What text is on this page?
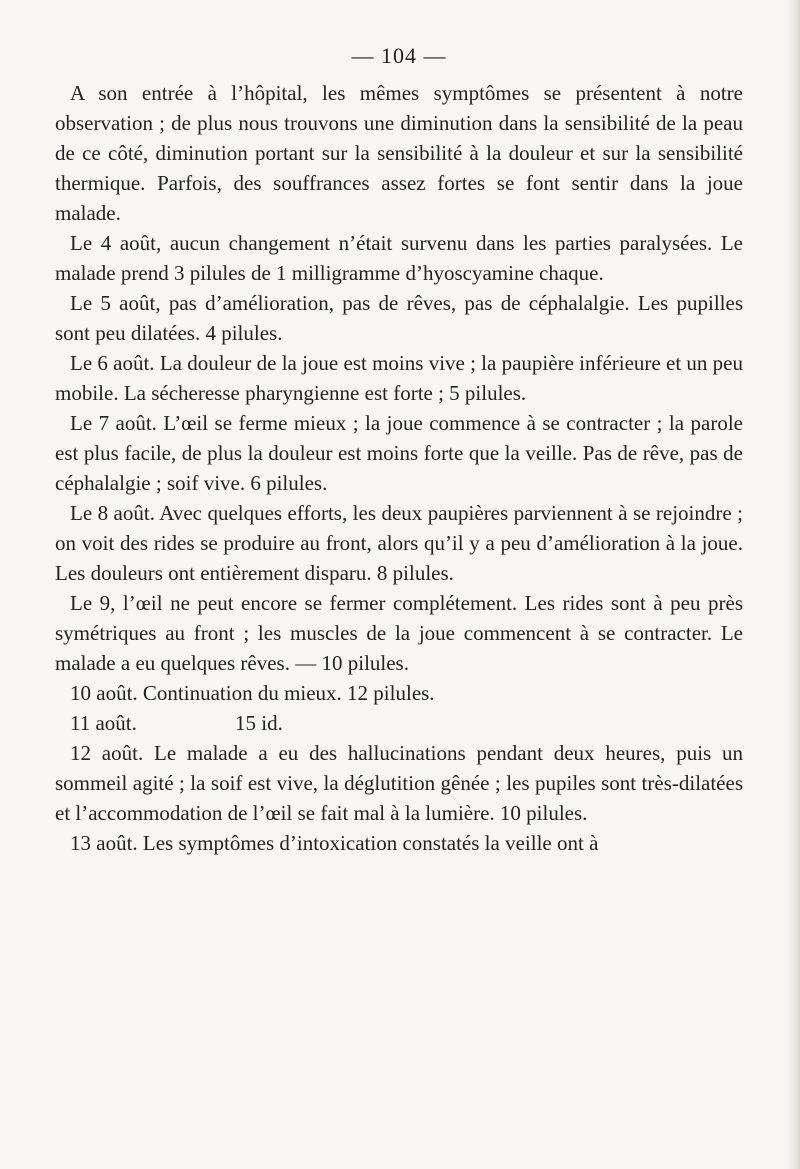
— 104 —

A son entrée à l’hôpital, les mêmes symptômes se présentent à notre observation ; de plus nous trouvons une diminution dans la sensibilité de la peau de ce côté, diminution portant sur la sensibilité à la douleur et sur la sensibilité thermique. Parfois, des souffrances assez fortes se font sentir dans la joue malade.

Le 4 août, aucun changement n’était survenu dans les parties paralysées. Le malade prend 3 pilules de 1 milligramme d’hyoscyamine chaque.

Le 5 août, pas d’amélioration, pas de rêves, pas de céphalalgie. Les pupilles sont peu dilatées. 4 pilules.

Le 6 août. La douleur de la joue est moins vive ; la paupière inférieure et un peu mobile. La sécheresse pharyngienne est forte ; 5 pilules.

Le 7 août. L’œil se ferme mieux ; la joue commence à se contracter ; la parole est plus facile, de plus la douleur est moins forte que la veille. Pas de rêve, pas de céphalalgie ; soif vive. 6 pilules.

Le 8 août. Avec quelques efforts, les deux paupières parviennent à se rejoindre ; on voit des rides se produire au front, alors qu’il y a peu d’amélioration à la joue. Les douleurs ont entièrement disparu. 8 pilules.

Le 9, l’œil ne peut encore se fermer complétement. Les rides sont à peu près symétriques au front ; les muscles de la joue commencent à se contracter. Le malade a eu quelques rêves. — 10 pilules.

10 août. Continuation du mieux. 12 pilules.

11 août.	15 id.

12 août. Le malade a eu des hallucinations pendant deux heures, puis un sommeil agité ; la soif est vive, la déglutition gênée ; les pupiles sont très-dilatées et l’accommodation de l’œil se fait mal à la lumière. 10 pilules.

13 août. Les symptômes d’intoxication constatés la veille ont à
